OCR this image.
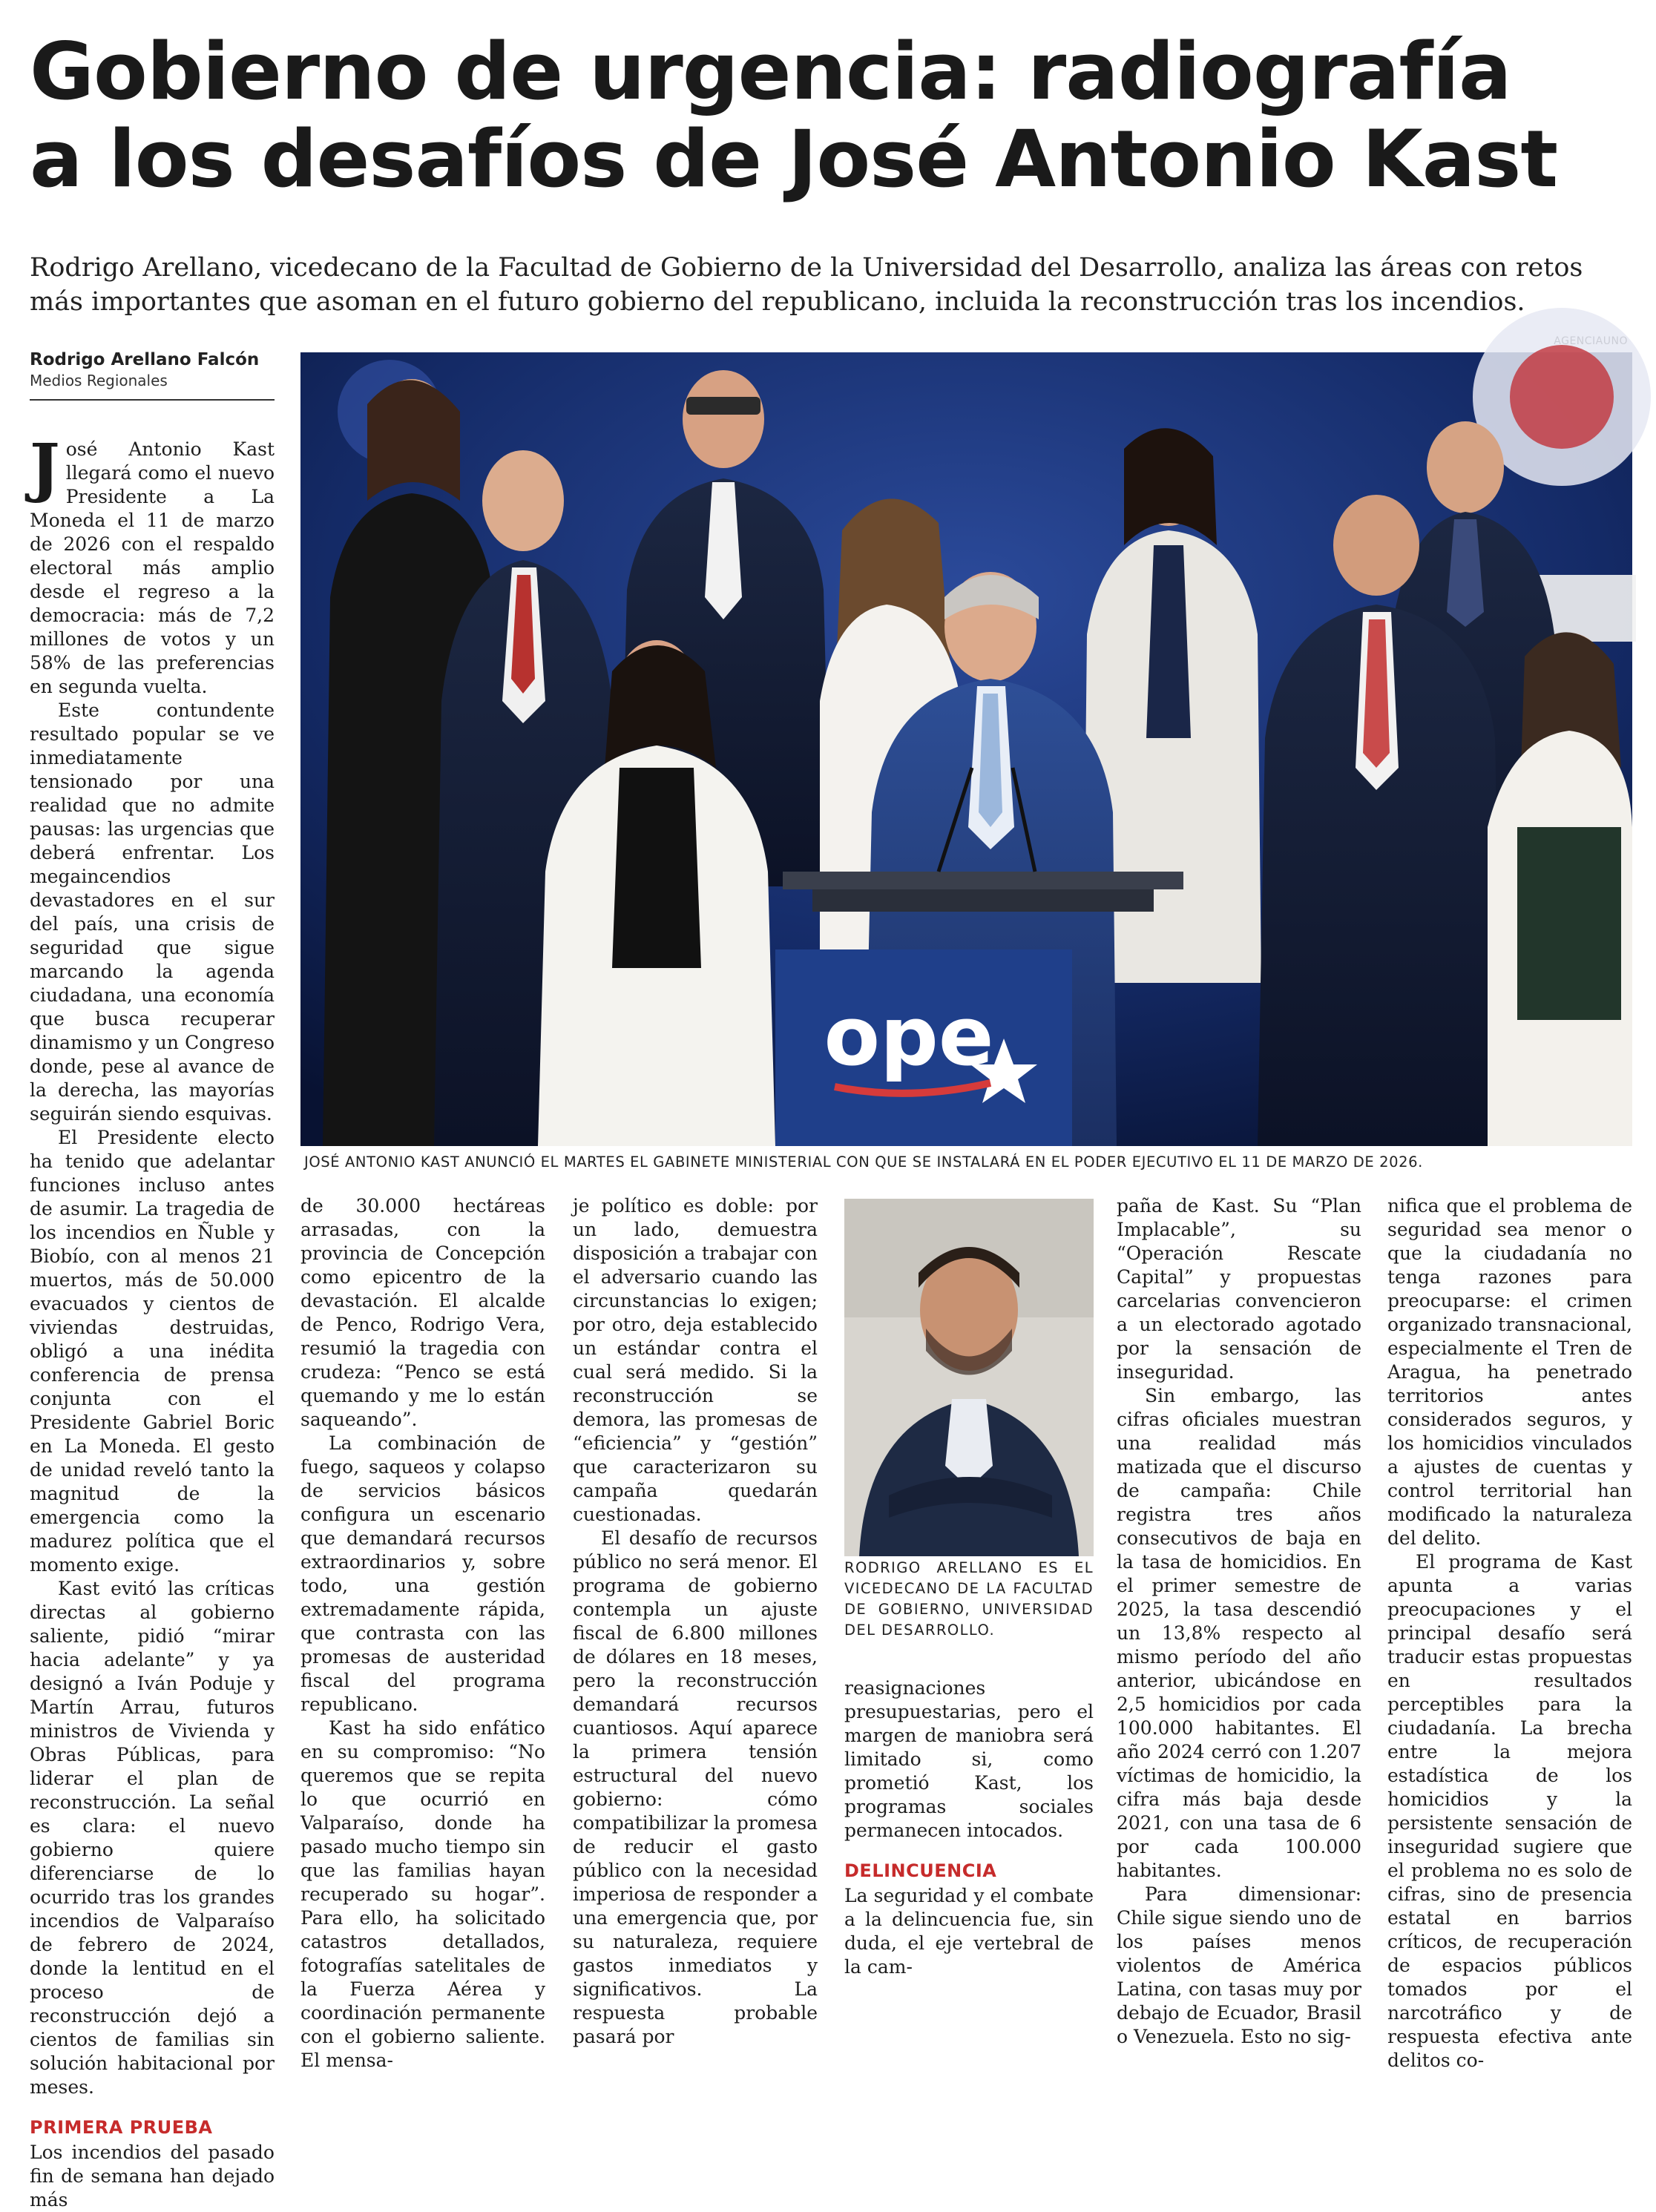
Gobierno de urgencia: radiografía
a los desafíos de José Antonio Kast
Rodrigo Arellano, vicedecano de la Facultad de Gobierno de la Universidad del Desarrollo, analiza las áreas con retos
más importantes que asoman en el futuro gobierno del republicano, incluida la reconstrucción tras los incendios.
Rodrigo Arellano Falcón
Medios Regionales
ope
JOSÉ ANTONIO KAST ANUNCIÓ EL MARTES EL GABINETE MINISTERIAL CON QUE SE INSTALARÁ EN EL PODER EJECUTIVO EL 11 DE MARZO DE 2026.

José Antonio Kast llegará como el nuevo Presidente a La Moneda el 11 de marzo de 2026 con el respaldo electoral más amplio desde el regreso a la democracia: más de 7,2 millones de votos y un 58% de las preferencias en segunda vuelta.

Este contundente resultado popular se ve inmediatamente tensionado por una realidad que no admite pausas: las urgencias que deberá enfrentar. Los megaincendios devastadores en el sur del país, una crisis de seguridad que sigue marcando la agenda ciudadana, una economía que busca recuperar dinamismo y un Congreso donde, pese al avance de la derecha, las mayorías seguirán siendo esquivas.

El Presidente electo ha tenido que adelantar funciones incluso antes de asumir. La tragedia de los incendios en Ñuble y Biobío, con al menos 21 muertos, más de 50.000 evacuados y cientos de viviendas destruidas, obligó a una inédita conferencia de prensa conjunta con el Presidente Gabriel Boric en La Moneda. El gesto de unidad reveló tanto la magnitud de la emergencia como la madurez política que el momento exige.

Kast evitó las críticas directas al gobierno saliente, pidió “mirar hacia adelante” y ya designó a Iván Poduje y Martín Arrau, futuros ministros de Vivienda y Obras Públicas, para liderar el plan de reconstrucción. La señal es clara: el nuevo gobierno quiere diferenciarse de lo ocurrido tras los grandes incendios de Valparaíso de febrero de 2024, donde la lentitud en el proceso de reconstrucción dejó a cientos de familias sin solución habitacional por meses.

PRIMERA PRUEBA

Los incendios del pasado fin de semana han dejado más

de 30.000 hectáreas arrasadas, con la provincia de Concepción como epicentro de la devastación. El alcalde de Penco, Rodrigo Vera, resumió la tragedia con crudeza: “Penco se está quemando y me lo están saqueando”.

La combinación de fuego, saqueos y colapso de servicios básicos configura un escenario que demandará recursos extraordinarios y, sobre todo, una gestión extremadamente rápida, que contrasta con las promesas de austeridad fiscal del programa republicano.

Kast ha sido enfático en su compromiso: “No queremos que se repita lo que ocurrió en Valparaíso, donde ha pasado mucho tiempo sin que las familias hayan recuperado su hogar”. Para ello, ha solicitado catastros detallados, fotografías satelitales de la Fuerza Aérea y coordinación permanente con el gobierno saliente. El mensa-

je político es doble: por un lado, demuestra disposición a trabajar con el adversario cuando las circunstancias lo exigen; por otro, deja establecido un estándar contra el cual será medido. Si la reconstrucción se demora, las promesas de “eficiencia” y “gestión” que caracterizaron su campaña quedarán cuestionadas.

El desafío de recursos público no será menor. El programa de gobierno contempla un ajuste fiscal de 6.800 millones de dólares en 18 meses, pero la reconstrucción demandará recursos cuantiosos. Aquí aparece la primera tensión estructural del nuevo gobierno: cómo compatibilizar la promesa de reducir el gasto público con la necesidad imperiosa de responder a una emergencia que, por su naturaleza, requiere gastos inmediatos y significativos. La respuesta probable pasará por

RODRIGO ARELLANO ES EL VICEDECANO DE LA FACULTAD DE GOBIERNO, UNIVERSIDAD DEL DESARROLLO.

reasignaciones presupuestarias, pero el margen de maniobra será limitado si, como prometió Kast, los programas sociales permanecen intocados.

DELINCUENCIA

La seguridad y el combate a la delincuencia fue, sin duda, el eje vertebral de la cam-

paña de Kast. Su “Plan Implacable”, su “Operación Rescate Capital” y propuestas carcelarias convencieron a un electorado agotado por la sensación de inseguridad.

Sin embargo, las cifras oficiales muestran una realidad más matizada que el discurso de campaña: Chile registra tres años consecutivos de baja en la tasa de homicidios. En el primer semestre de 2025, la tasa descendió un 13,8% respecto al mismo período del año anterior, ubicándose en 2,5 homicidios por cada 100.000 habitantes. El año 2024 cerró con 1.207 víctimas de homicidio, la cifra más baja desde 2021, con una tasa de 6 por cada 100.000 habitantes.

Para dimensionar: Chile sigue siendo uno de los países menos violentos de América Latina, con tasas muy por debajo de Ecuador, Brasil o Venezuela. Esto no sig-

nifica que el problema de seguridad sea menor o que la ciudadanía no tenga razones para preocuparse: el crimen organizado transnacional, especialmente el Tren de Aragua, ha penetrado territorios antes considerados seguros, y los homicidios vinculados a ajustes de cuentas y control territorial han modificado la naturaleza del delito.

El programa de Kast apunta a varias preocupaciones y el principal desafío será traducir estas propuestas en resultados perceptibles para la ciudadanía. La brecha entre la mejora estadística de los homicidios y la persistente sensación de inseguridad sugiere que el problema no es solo de cifras, sino de presencia estatal en barrios críticos, de recuperación de espacios públicos tomados por el narcotráfico y de respuesta efectiva ante delitos co-
